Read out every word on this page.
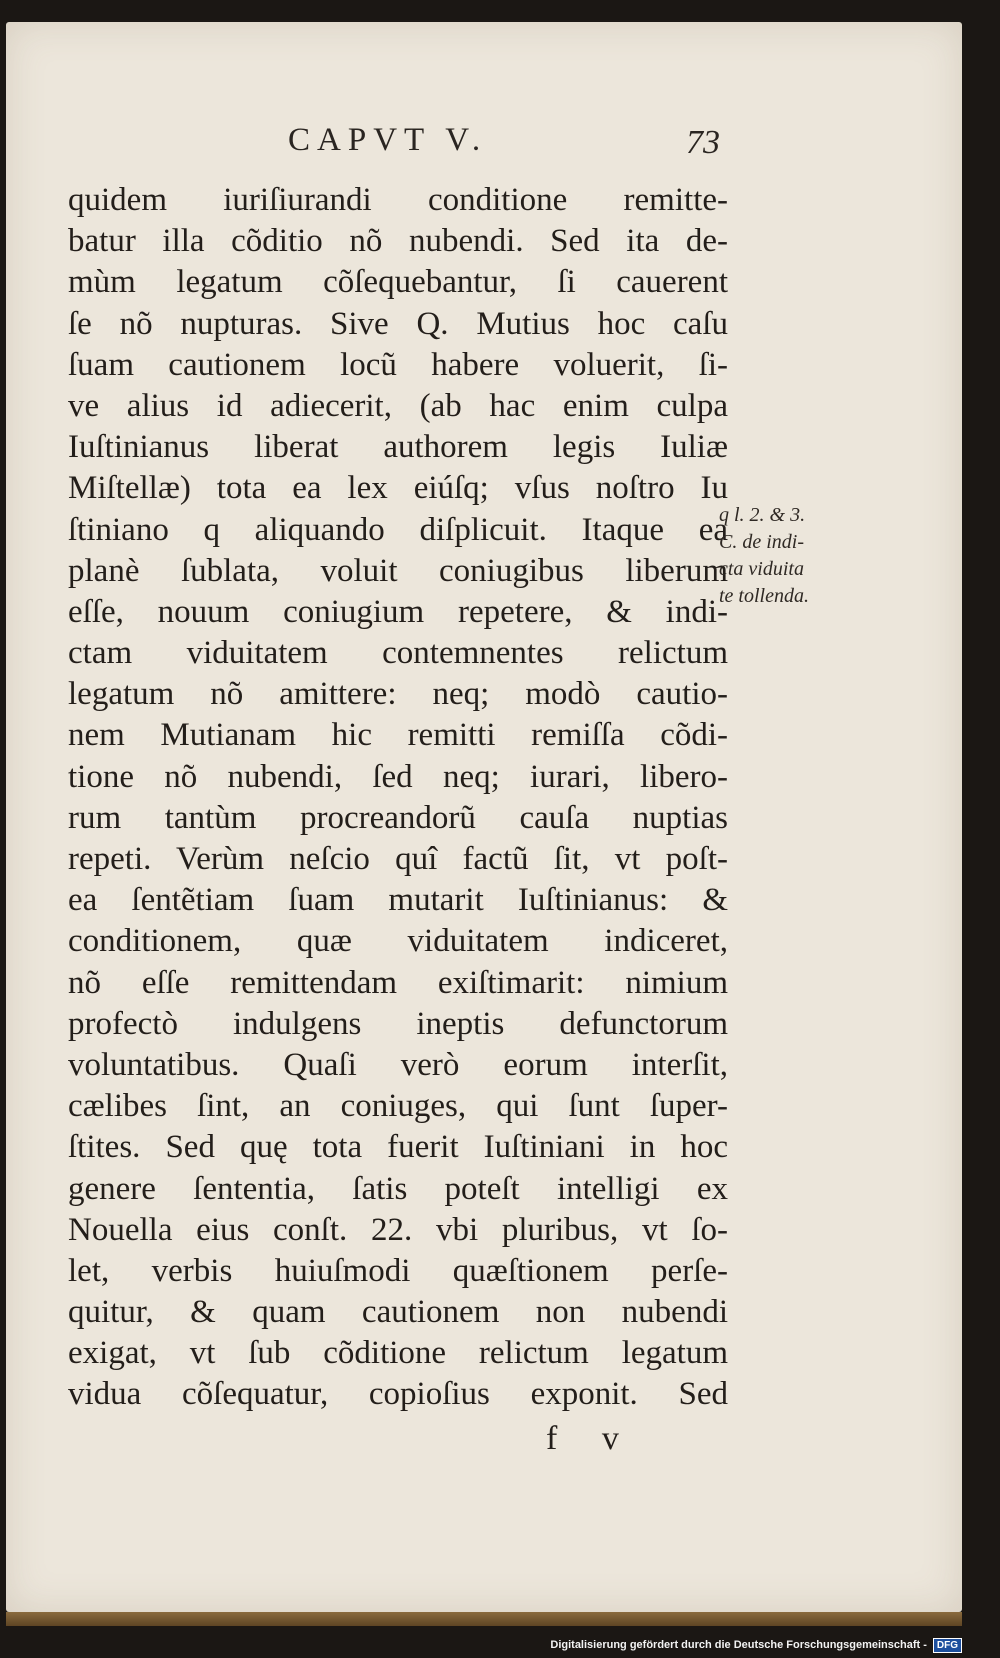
CAPVT V.	73
quidem iuriſiurandi conditione remitte-
batur illa cõditio nõ nubendi. Sed ita de-
mùm legatum cõſequebantur, ſi cauerent
ſe nõ nupturas. Sive Q. Mutius hoc caſu
ſuam cautionem locũ habere voluerit, ſi-
ve alius id adiecerit, (ab hac enim culpa
Iuſtinianus liberat authorem legis Iuliæ
Miſtellæ) tota ea lex eiúſq; vſus noſtro Iu
ſtiniano q aliquando diſplicuit. Itaque ea
planè ſublata, voluit coniugibus liberum
eſſe, nouum coniugium repetere, & indi-
ctam viduitatem contemnentes relictum
legatum nõ amittere: neq; modò cautio-
nem Mutianam hic remitti remiſſa cõdi-
tione nõ nubendi, ſed neq; iurari, libero-
rum tantùm procreandorũ cauſa nuptias
repeti. Verùm neſcio quî factũ ſit, vt poſt-
ea ſentẽtiam ſuam mutarit Iuſtinianus: &
conditionem, quæ viduitatem indiceret,
nõ eſſe remittendam exiſtimarit: nimium
profectò indulgens ineptis defunctorum
voluntatibus. Quaſi verò eorum interſit,
cælibes ſint, an coniuges, qui ſunt ſuper-
ſtites. Sed quę tota fuerit Iuſtiniani in hoc
genere ſententia, ſatis poteſt intelligi ex
Nouella eius conſt. 22. vbi pluribus, vt ſo-
let, verbis huiuſmodi quæſtionem perſe-
quitur, & quam cautionem non nubendi
exigat, vt ſub cõditione relictum legatum
vidua cõſequatur, copioſius exponit. Sed
q l. 2. & 3.
C. de indi-
cta viduita
te tollenda.
f v
Digitalisierung gefördert durch die Deutsche Forschungsgemeinschaft -	DFG
